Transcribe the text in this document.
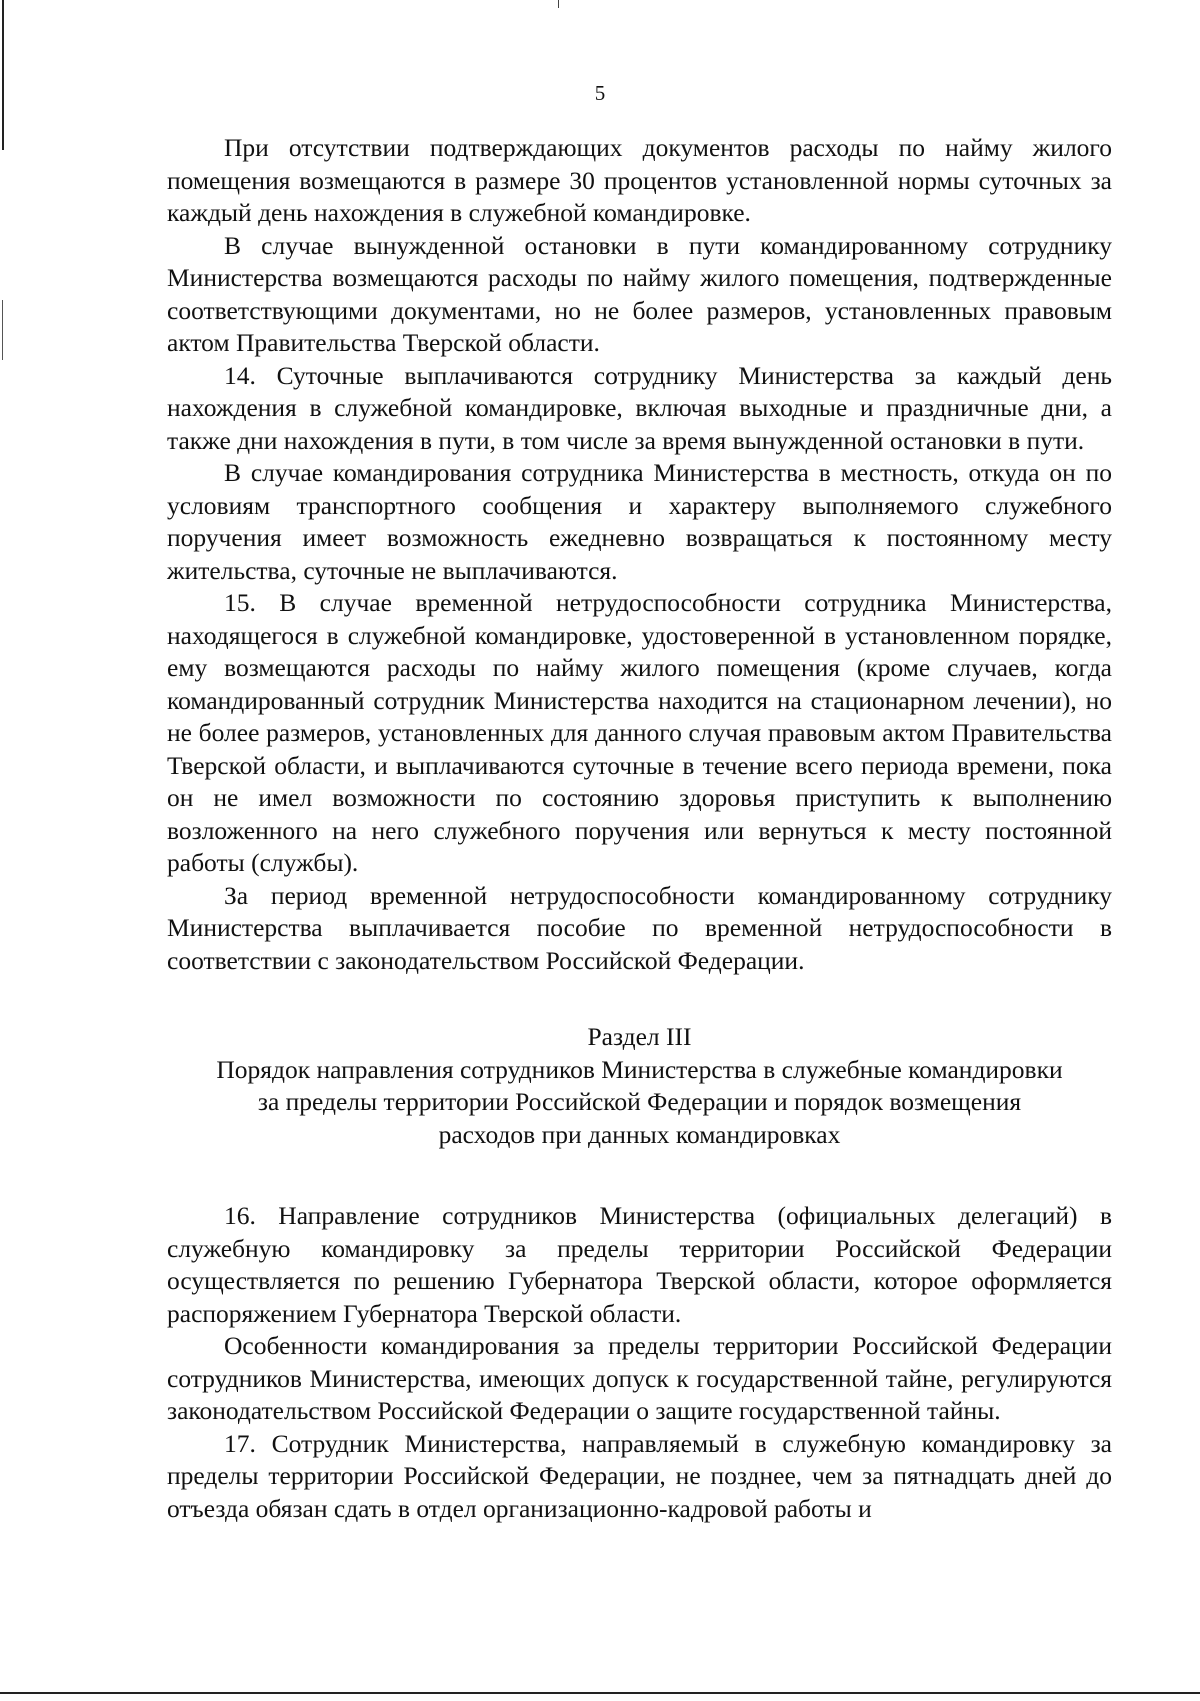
5

При отсутствии подтверждающих документов расходы по найму жилого помещения возмещаются в размере 30 процентов установленной нормы суточных за каждый день нахождения в служебной командировке.

В случае вынужденной остановки в пути командированному сотруднику Министерства возмещаются расходы по найму жилого помещения, подтвержденные соответствующими документами, но не более размеров, установленных правовым актом Правительства Тверской области.

14. Суточные выплачиваются сотруднику Министерства за каждый день нахождения в служебной командировке, включая выходные и праздничные дни, а также дни нахождения в пути, в том числе за время вынужденной остановки в пути.

В случае командирования сотрудника Министерства в местность, откуда он по условиям транспортного сообщения и характеру выполняемого служебного поручения имеет возможность ежедневно возвращаться к постоянному месту жительства, суточные не выплачиваются.

15. В случае временной нетрудоспособности сотрудника Министерства, находящегося в служебной командировке, удостоверенной в установленном порядке, ему возмещаются расходы по найму жилого помещения (кроме случаев, когда командированный сотрудник Министерства находится на стационарном лечении), но не более размеров, установленных для данного случая правовым актом Правительства Тверской области, и выплачиваются суточные в течение всего периода времени, пока он не имел возможности по состоянию здоровья приступить к выполнению возложенного на него служебного поручения или вернуться к месту постоянной работы (службы).

За период временной нетрудоспособности командированному сотруднику Министерства выплачивается пособие по временной нетрудоспособности в соответствии с законодательством Российской Федерации.

Раздел III

Порядок направления сотрудников Министерства в служебные командировки
за пределы территории Российской Федерации и порядок возмещения
расходов при данных командировках

16. Направление сотрудников Министерства (официальных делегаций) в служебную командировку за пределы территории Российской Федерации осуществляется по решению Губернатора Тверской области, которое оформляется распоряжением Губернатора Тверской области.

Особенности командирования за пределы территории Российской Федерации сотрудников Министерства, имеющих допуск к государственной тайне, регулируются законодательством Российской Федерации о защите государственной тайны.

17. Сотрудник Министерства, направляемый в служебную командировку за пределы территории Российской Федерации, не позднее, чем за пятнадцать дней до отъезда обязан сдать в отдел организационно-кадровой работы и
